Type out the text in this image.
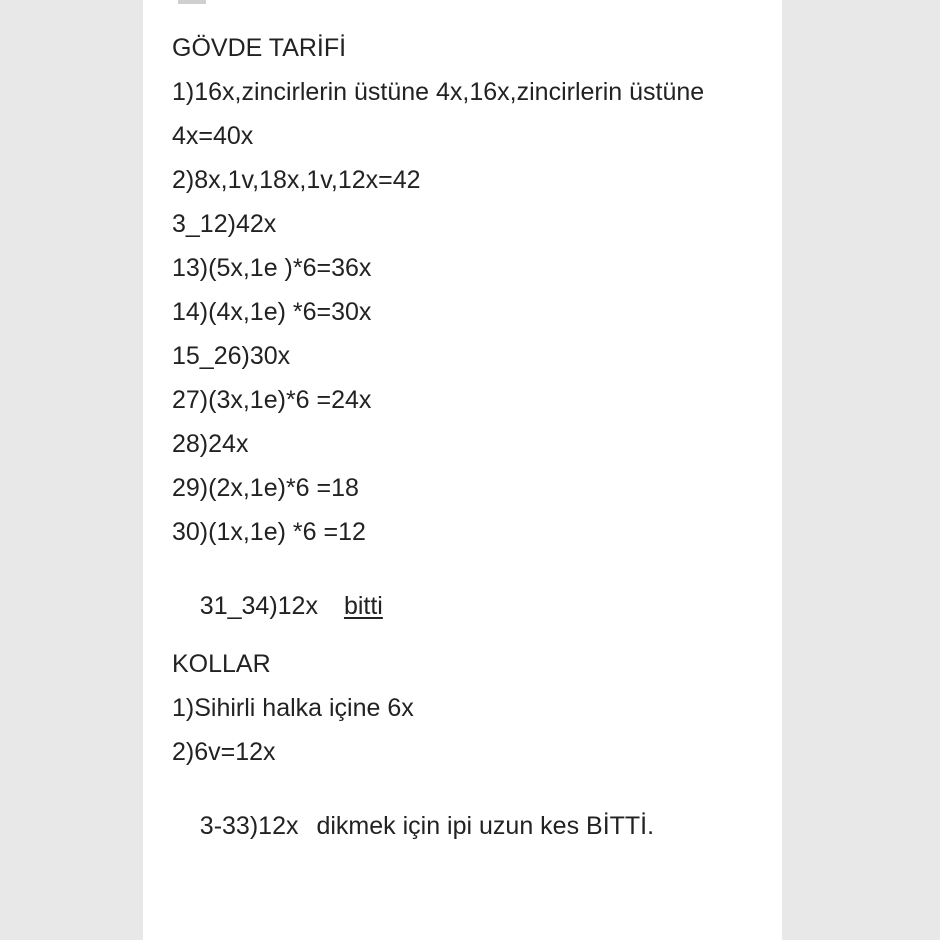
GÖVDE TARİFİ
1)16x,zincirlerin üstüne 4x,16x,zincirlerin üstüne
4x=40x
2)8x,1v,18x,1v,12x=42
3_12)42x
13)(5x,1e )*6=36x
14)(4x,1e) *6=30x
15_26)30x
27)(3x,1e)*6 =24x
28)24x
29)(2x,1e)*6 =18
30)(1x,1e) *6 =12

31_34)12x bitti

KOLLAR
1)Sihirli halka içine 6x
2)6v=12x

3-33)12x dikmek için ipi uzun kes BİTTİ.
